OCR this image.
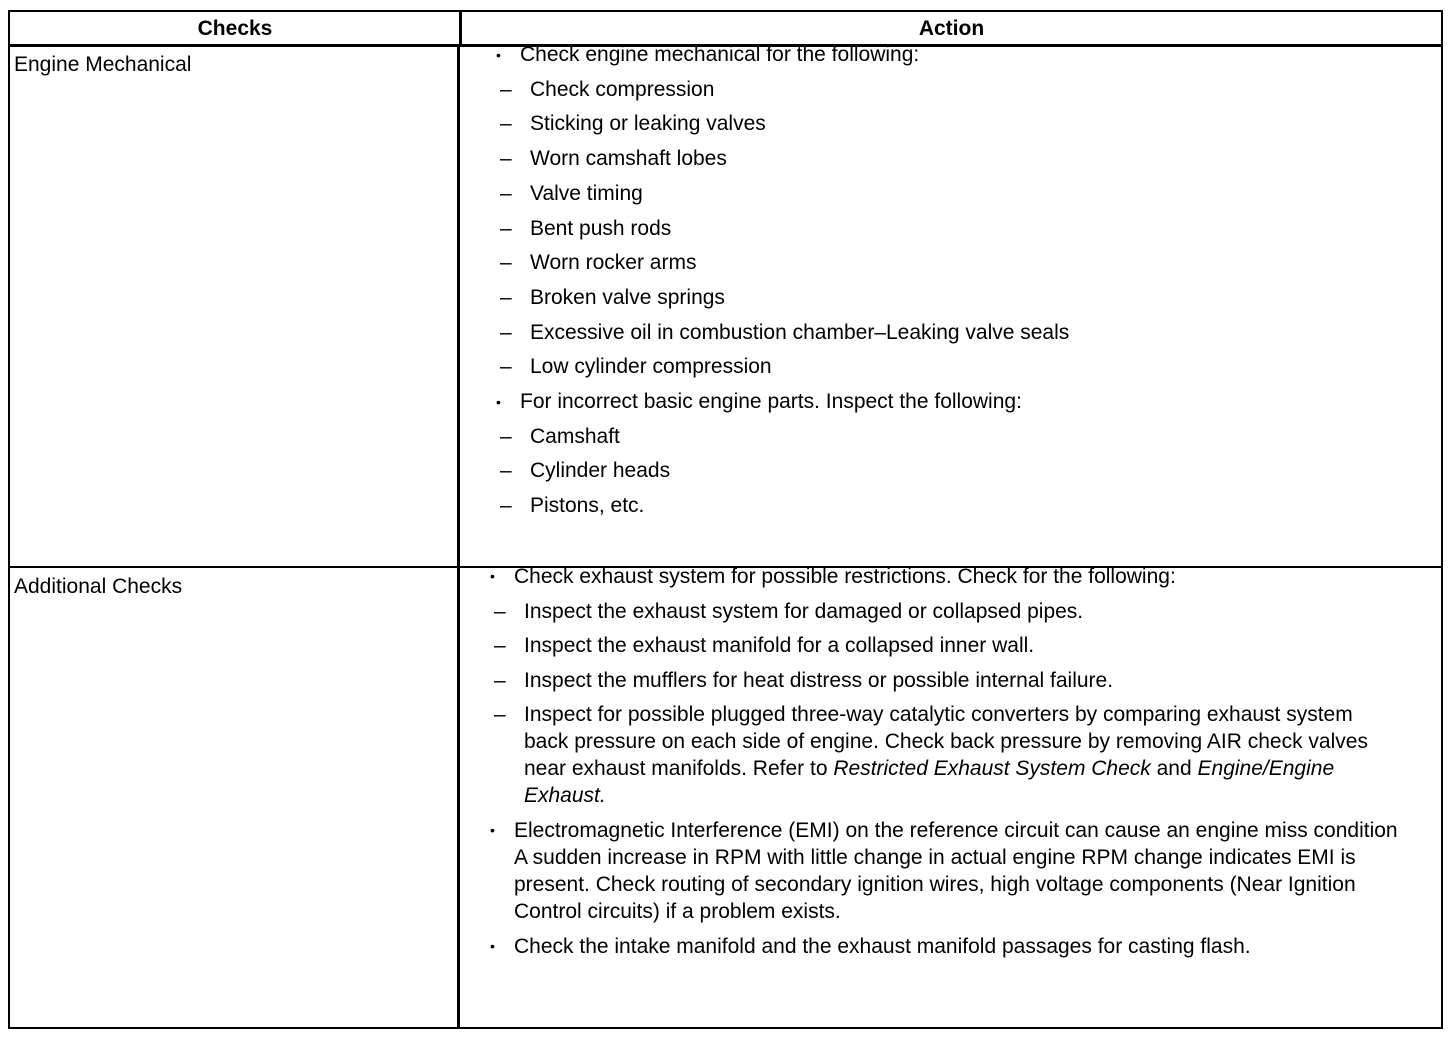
Checks	Action
Engine Mechanical
Additional Checks
• Check engine mechanical for the following:
– Check compression
– Sticking or leaking valves
– Worn camshaft lobes
– Valve timing
– Bent push rods
– Worn rocker arms
– Broken valve springs
– Excessive oil in combustion chamber–Leaking valve seals
– Low cylinder compression
• For incorrect basic engine parts. Inspect the following:
– Camshaft
– Cylinder heads
– Pistons, etc.
• Check exhaust system for possible restrictions. Check for the following:
– Inspect the exhaust system for damaged or collapsed pipes.
– Inspect the exhaust manifold for a collapsed inner wall.
– Inspect the mufflers for heat distress or possible internal failure.
– Inspect for possible plugged three-way catalytic converters by comparing exhaust system back pressure on each side of engine. Check back pressure by removing AIR check valves near exhaust manifolds. Refer to Restricted Exhaust System Check and Engine/Engine Exhaust.
• Electromagnetic Interference (EMI) on the reference circuit can cause an engine miss condition A sudden increase in RPM with little change in actual engine RPM change indicates EMI is present. Check routing of secondary ignition wires, high voltage components (Near Ignition Control circuits) if a problem exists.
• Check the intake manifold and the exhaust manifold passages for casting flash.
